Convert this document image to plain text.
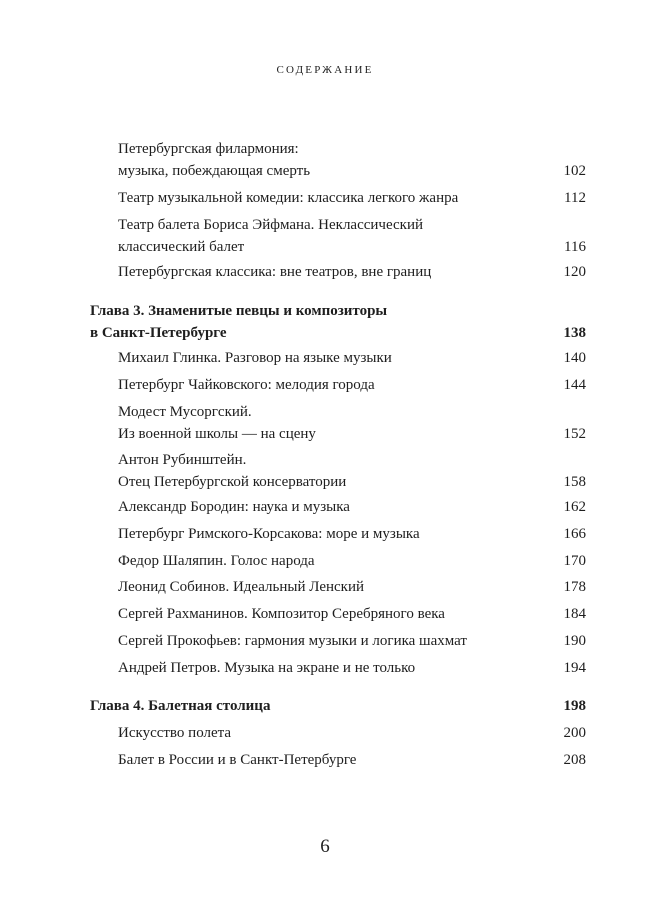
СОДЕРЖАНИЕ
Петербургская филармония:
музыка, побеждающая смерть	102
Театр музыкальной комедии: классика легкого жанра	112
Театр балета Бориса Эйфмана. Неклассический
классический балет	116
Петербургская классика: вне театров, вне границ	120
Глава 3. Знаменитые певцы и композиторы
в Санкт-Петербурге	138
Михаил Глинка. Разговор на языке музыки	140
Петербург Чайковского: мелодия города	144
Модест Мусоргский.
Из военной школы — на сцену	152
Антон Рубинштейн.
Отец Петербургской консерватории	158
Александр Бородин: наука и музыка	162
Петербург Римского-Корсакова: море и музыка	166
Федор Шаляпин. Голос народа	170
Леонид Собинов. Идеальный Ленский	178
Сергей Рахманинов. Композитор Серебряного века	184
Сергей Прокофьев: гармония музыки и логика шахмат	190
Андрей Петров. Музыка на экране и не только	194
Глава 4. Балетная столица	198
Искусство полета	200
Балет в России и в Санкт-Петербурге	208
6
